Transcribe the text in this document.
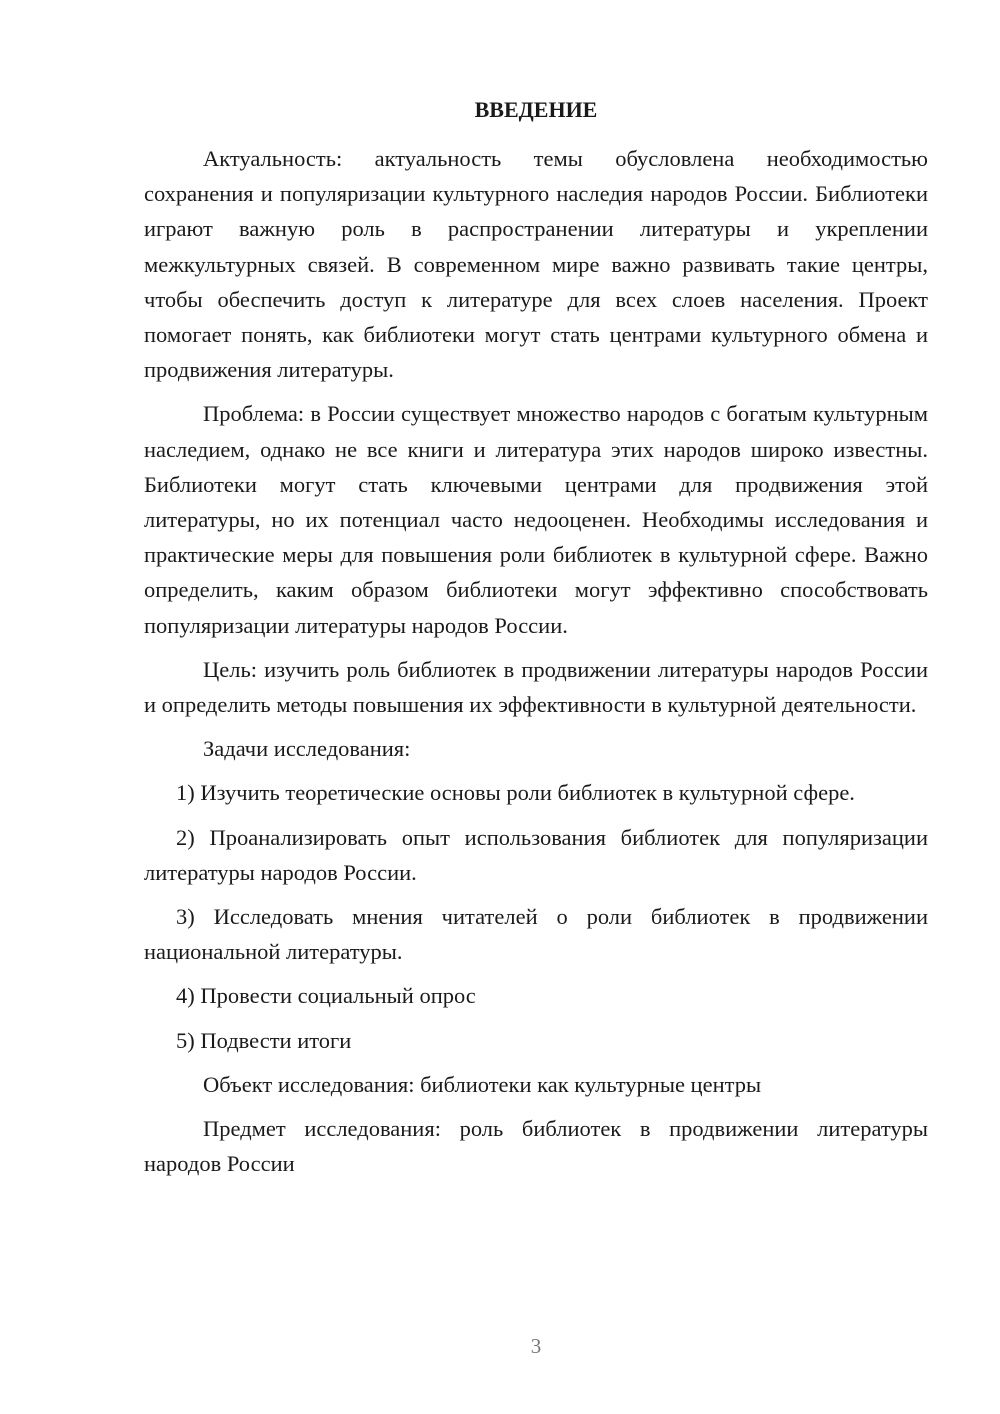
ВВЕДЕНИЕ

Актуальность: актуальность темы обусловлена необходимостью сохранения и популяризации культурного наследия народов России. Библиотеки играют важную роль в распространении литературы и укреплении межкультурных связей. В современном мире важно развивать такие центры, чтобы обеспечить доступ к литературе для всех слоев населения. Проект помогает понять, как библиотеки могут стать центрами культурного обмена и продвижения литературы.

Проблема: в России существует множество народов с богатым культурным наследием, однако не все книги и литература этих народов широко известны. Библиотеки могут стать ключевыми центрами для продвижения этой литературы, но их потенциал часто недооценен. Необходимы исследования и практические меры для повышения роли библиотек в культурной сфере. Важно определить, каким образом библиотеки могут эффективно способствовать популяризации литературы народов России.

Цель: изучить роль библиотек в продвижении литературы народов России и определить методы повышения их эффективности в культурной деятельности.

Задачи исследования:

1) Изучить теоретические основы роли библиотек в культурной сфере.

2) Проанализировать опыт использования библиотек для популяризации литературы народов России.

3) Исследовать мнения читателей о роли библиотек в продвижении национальной литературы.

4) Провести социальный опрос

5) Подвести итоги

Объект исследования: библиотеки как культурные центры

Предмет исследования: роль библиотек в продвижении литературы народов России

3
